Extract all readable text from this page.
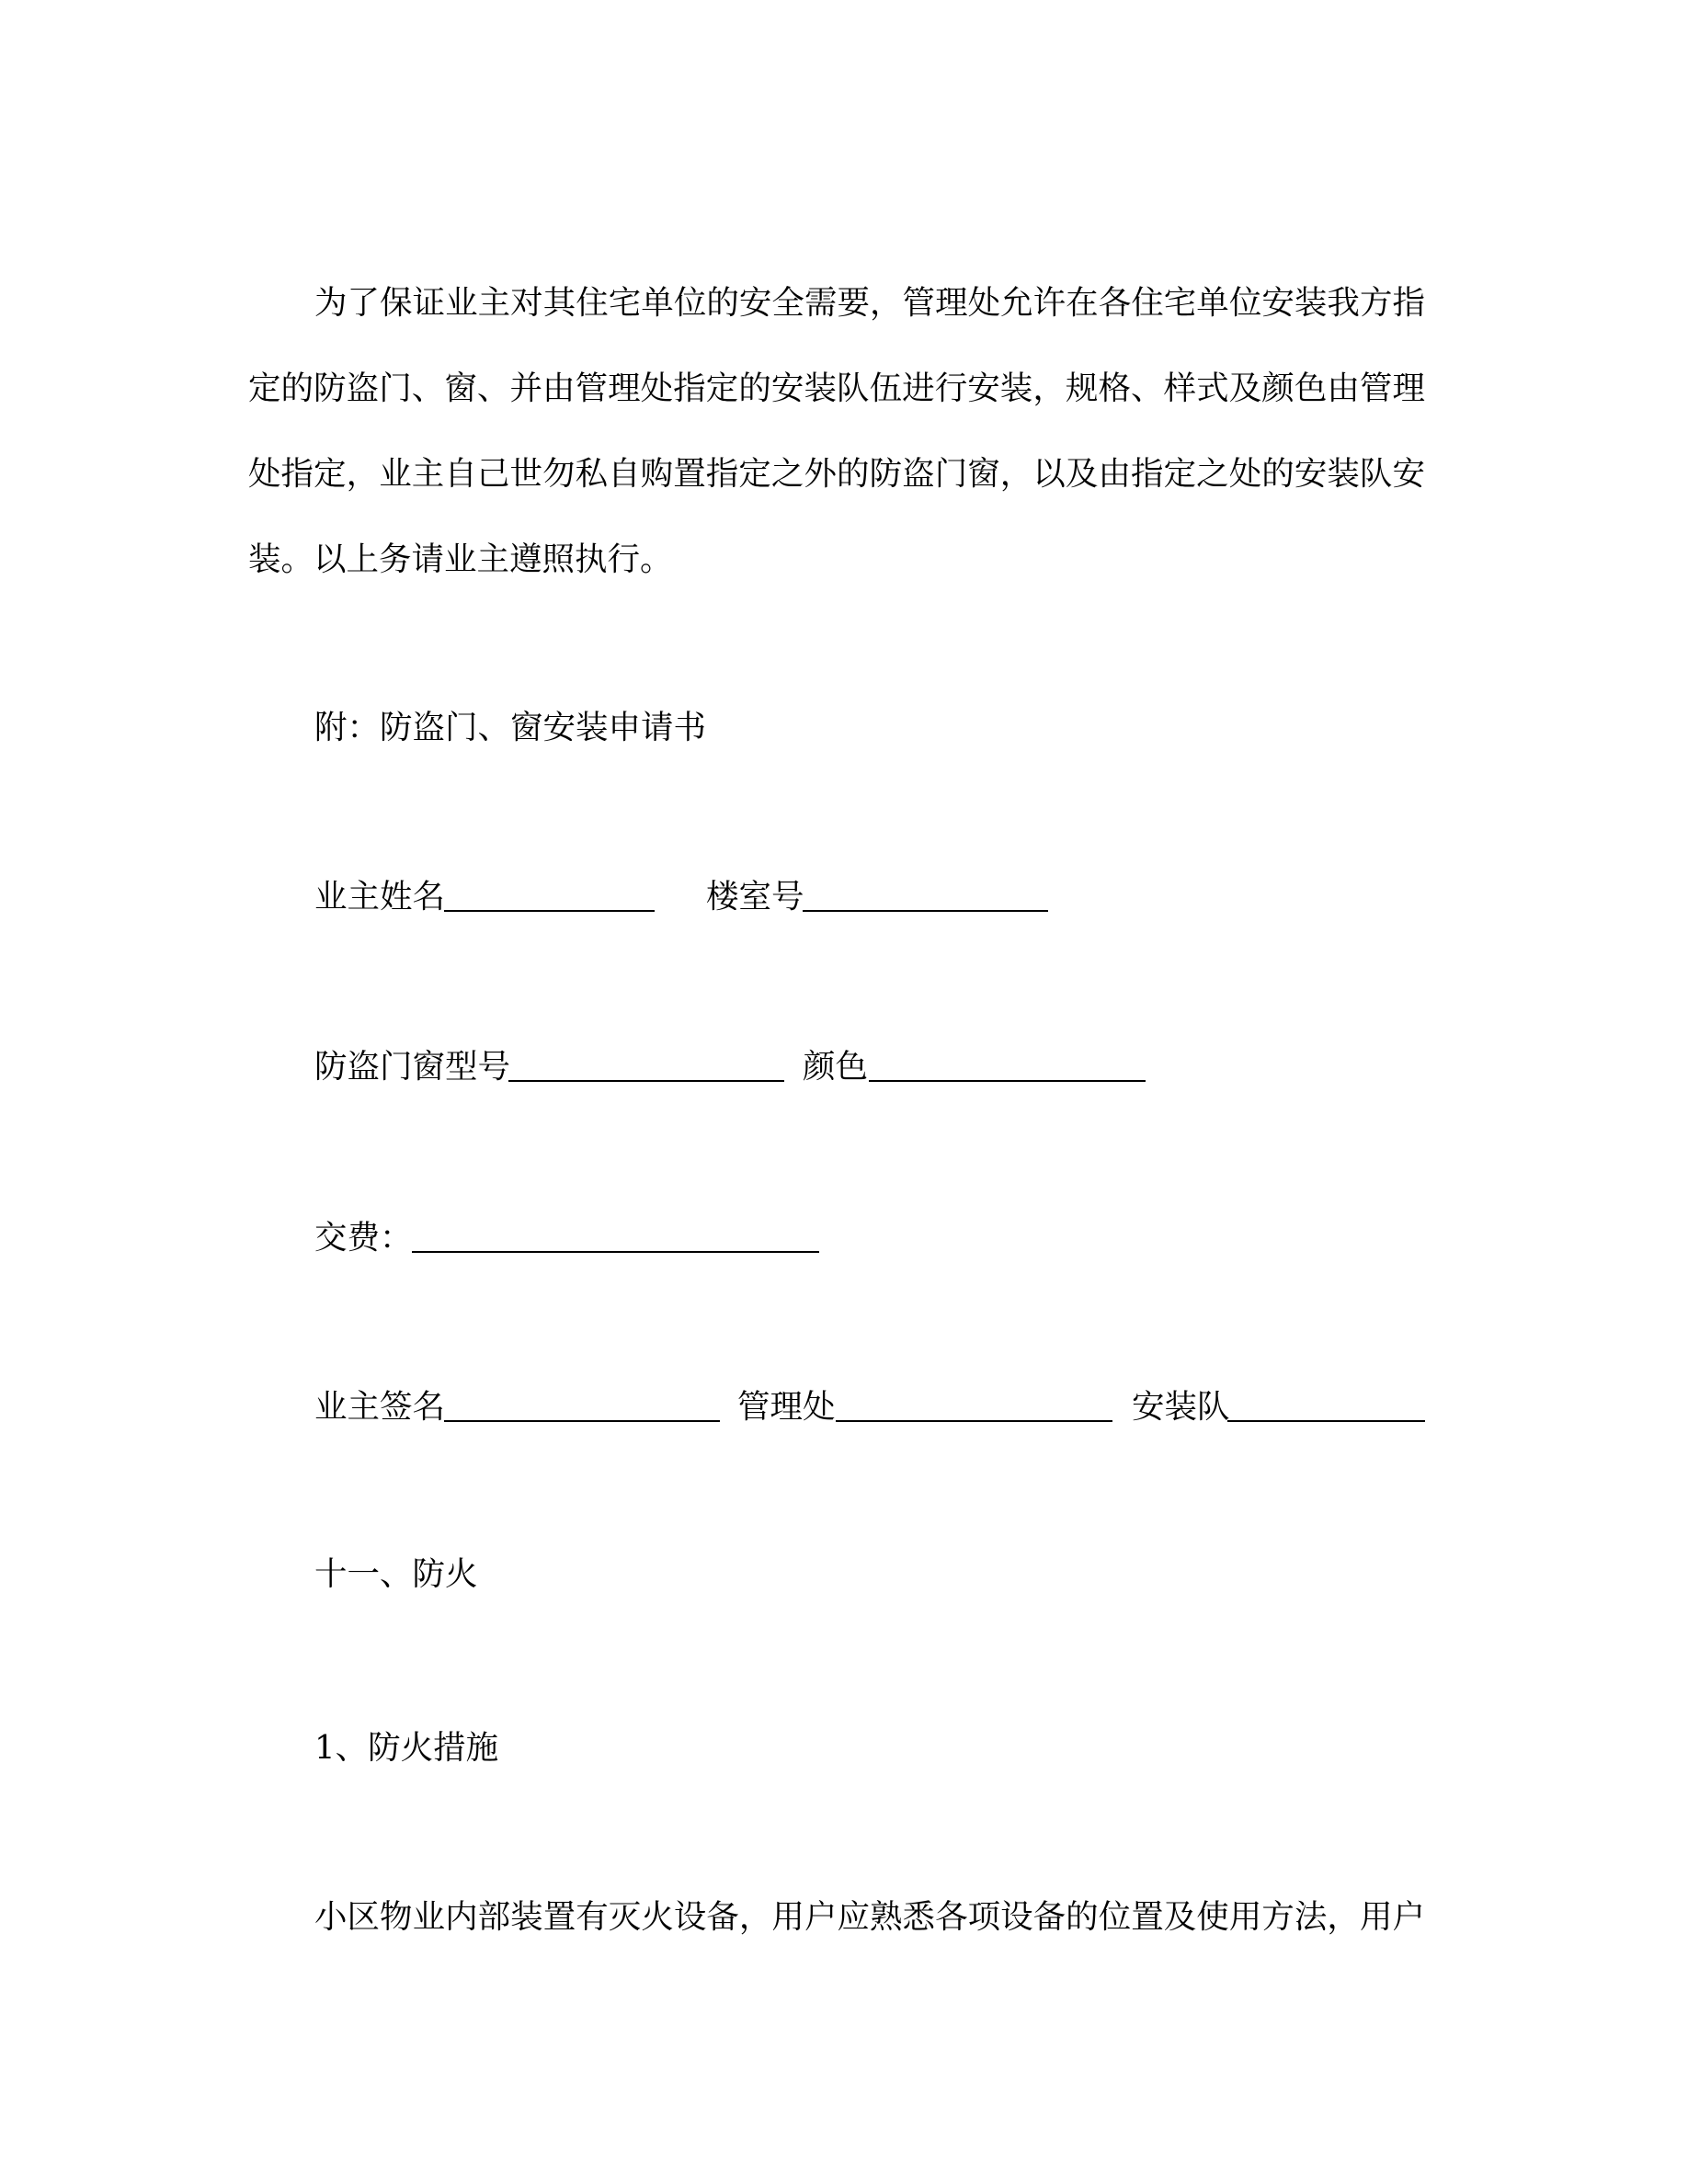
为了保证业主对其住宅单位的安全需要，管理处允许在各住宅单位安装我方指
定的防盗门、窗、并由管理处指定的安装队伍进行安装，规格、样式及颜色由管理
处指定，业主自己世勿私自购置指定之外的防盗门窗，以及由指定之处的安装队安
装。以上务请业主遵照执行。
附：防盗门、窗安装申请书
业主姓名	楼室号
防盗门窗型号	颜色
交费：
业主签名	管理处	安装队
十一、防火
1、防火措施
小区物业内部装置有灭火设备，用户应熟悉各项设备的位置及使用方法，用户
